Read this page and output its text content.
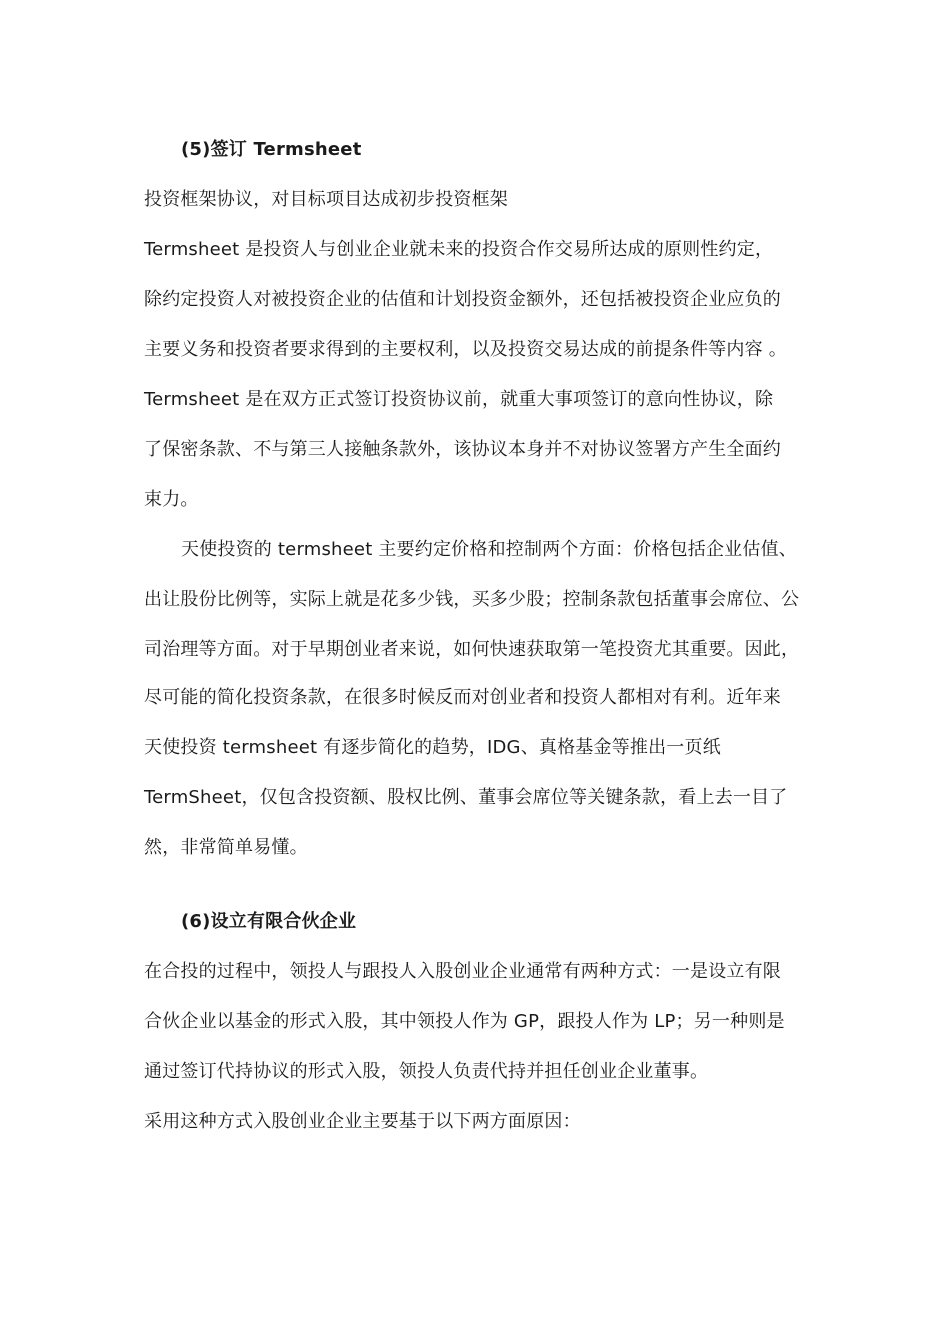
(5)签订 Termsheet
投资框架协议，对目标项目达成初步投资框架
Termsheet 是投资人与创业企业就未来的投资合作交易所达成的原则性约定，
除约定投资人对被投资企业的估值和计划投资金额外，还包括被投资企业应负的
主要义务和投资者要求得到的主要权利，以及投资交易达成的前提条件等内容 。
Termsheet 是在双方正式签订投资协议前，就重大事项签订的意向性协议，除
了保密条款、不与第三人接触条款外，该协议本身并不对协议签署方产生全面约
束力。
天使投资的 termsheet 主要约定价格和控制两个方面：价格包括企业估值、
出让股份比例等，实际上就是花多少钱，买多少股；控制条款包括董事会席位、公
司治理等方面。对于早期创业者来说，如何快速获取第一笔投资尤其重要。因此，
尽可能的简化投资条款，在很多时候反而对创业者和投资人都相对有利。近年来
天使投资 termsheet 有逐步简化的趋势，IDG、真格基金等推出一页纸
TermSheet，仅包含投资额、股权比例、董事会席位等关键条款，看上去一目了
然，非常简单易懂。
(6)设立有限合伙企业
在合投的过程中，领投人与跟投人入股创业企业通常有两种方式：一是设立有限
合伙企业以基金的形式入股，其中领投人作为 GP，跟投人作为 LP；另一种则是
通过签订代持协议的形式入股，领投人负责代持并担任创业企业董事。
采用这种方式入股创业企业主要基于以下两方面原因：
